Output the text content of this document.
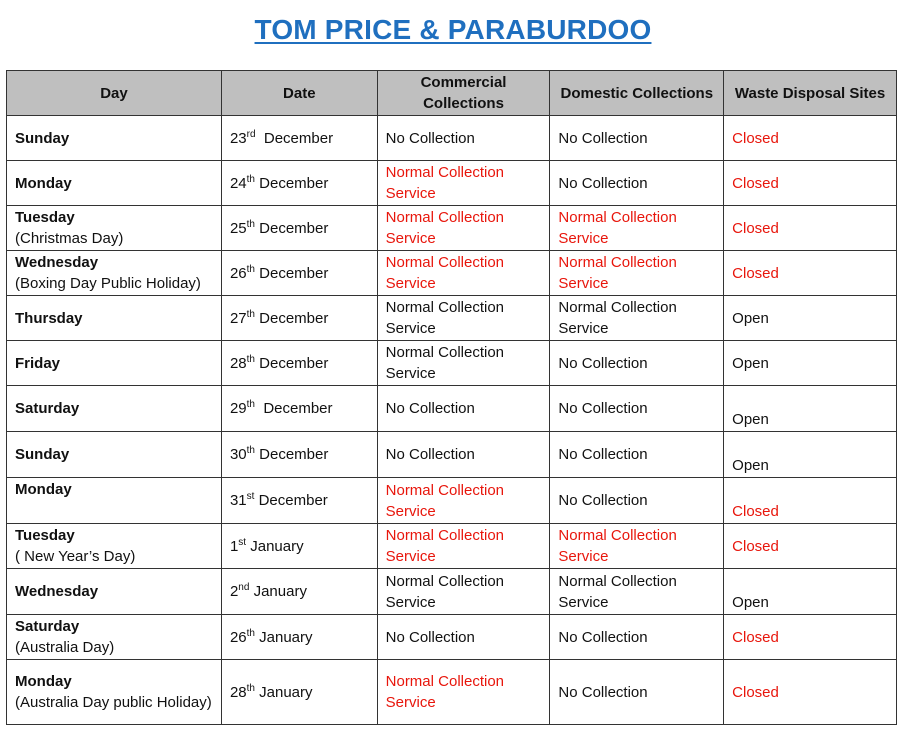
TOM PRICE & PARABURDOO
Day	Date	Commercial Collections	Domestic Collections	Waste Disposal Sites

Sunday	23rd  December	No Collection	No Collection	Closed

Monday	24th December	Normal Collection Service	No Collection	Closed

Tuesday
(Christmas Day)	25th December	Normal Collection Service	Normal Collection Service	Closed

Wednesday
(Boxing Day Public Holiday)	26th December	Normal Collection Service	Normal Collection Service	Closed

Thursday	27th December	Normal Collection Service	Normal Collection Service	Open

Friday	28th December	Normal Collection Service	No Collection	Open

Saturday	29th  December	No Collection	No Collection	Open

Sunday	30th December	No Collection	No Collection	Open

Monday	31st December	Normal Collection Service	No Collection	Closed

Tuesday
( New Year’s Day)	1st January	Normal Collection Service	Normal Collection Service	Closed

Wednesday	2nd January	Normal Collection Service	Normal Collection Service	Open

Saturday
(Australia Day)	26th January	No Collection	No Collection	Closed

Monday
(Australia Day public Holiday)	28th January	Normal Collection Service	No Collection	Closed
